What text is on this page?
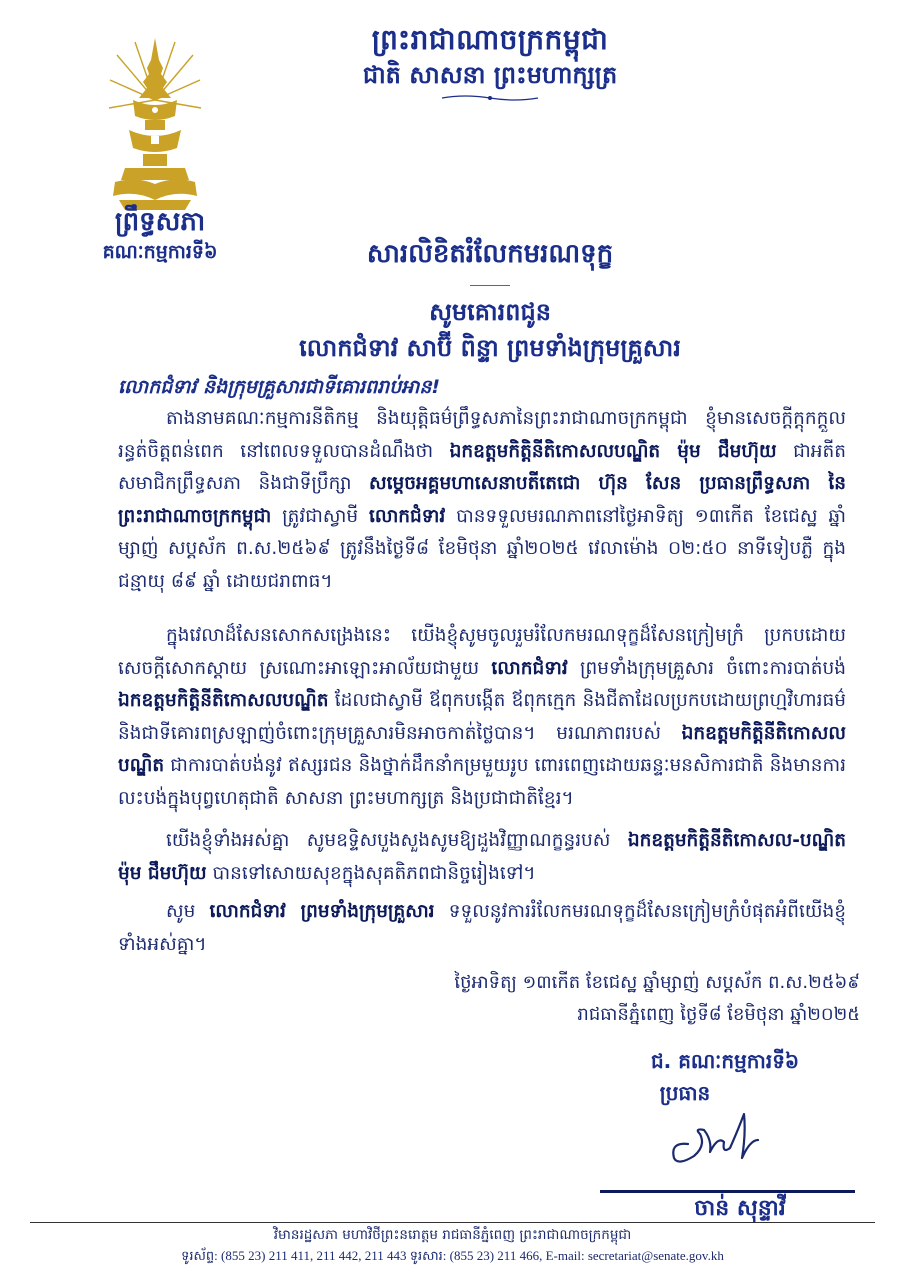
ព្រះរាជាណាចក្រកម្ពុជា
ជាតិ សាសនា ព្រះមហាក្សត្រ
ព្រឹទ្ធសភា
គណៈកម្មការទី៦	សារលិខិតរំលែកមរណទុក្ខ
សូមគោរពជូន
លោកជំទាវ សាប៊ី ពិន្ទា ព្រមទាំងក្រុមគ្រួសារ
លោកជំទាវ និងក្រុមគ្រួសារជាទីគោរពរាប់អាន!
តាងនាមគណៈកម្មការនីតិកម្ម និងយុត្តិធម៌ព្រឹទ្ធសភានៃព្រះរាជាណាចក្រកម្ពុជា ខ្ញុំមានសេចក្តីក្តុកក្តួល រន្ធត់ចិត្តពន់ពេក នៅពេលទទួលបានដំណឹងថា ឯកឧត្តមកិត្តិនីតិកោសលបណ្ឌិត ម៉ុម ជឹមហ៊ុយ ជាអតីតសមាជិកព្រឹទ្ធសភា និងជាទីប្រឹក្សា សម្តេចអគ្គមហាសេនាបតីតេជោ ហ៊ុន សែន ប្រធានព្រឹទ្ធសភា នៃព្រះរាជាណាចក្រកម្ពុជា ត្រូវជាស្វាមី លោកជំទាវ បានទទួលមរណភាពនៅថ្ងៃអាទិត្យ ១៣កើត ខែជេស្ឋ ឆ្នាំម្សាញ់ សប្តស័ក ព.ស.២៥៦៩ ត្រូវនឹងថ្ងៃទី៨ ខែមិថុនា ឆ្នាំ២០២៥ វេលាម៉ោង ០២:៥០ នាទីទៀបភ្លឺ ក្នុងជន្មាយុ ៨៩ ឆ្នាំ ដោយជរាពាធ។
ក្នុងវេលាដ៏សែនសោកសង្រេងនេះ យើងខ្ញុំសូមចូលរួមរំលែកមរណទុក្ខដ៏សែនក្រៀមក្រំ ប្រកបដោយសេចក្តីសោកស្តាយ ស្រណោះអាឡោះអាល័យជាមួយ លោកជំទាវ ព្រមទាំងក្រុមគ្រួសារ ចំពោះការបាត់បង់ ឯកឧត្តមកិត្តិនីតិកោសលបណ្ឌិត ដែលជាស្វាមី ឪពុកបង្កើត ឪពុកក្មេក និងជីតាដែលប្រកបដោយព្រហ្មវិហារធម៌ និងជាទីគោរពស្រឡាញ់ចំពោះក្រុមគ្រួសារមិនអាចកាត់ថ្លៃបាន។ មរណភាពរបស់ ឯកឧត្តមកិត្តិនីតិកោសលបណ្ឌិត ជាការបាត់បង់នូវ ឥស្សរជន និងថ្នាក់ដឹកនាំកម្រមួយរូប ពោរពេញដោយឆន្ទៈមនសិការជាតិ និងមានការលះបង់ក្នុងបុព្វហេតុជាតិ សាសនា ព្រះមហាក្សត្រ និងប្រជាជាតិខ្មែរ។
យើងខ្ញុំទាំងអស់គ្នា សូមឧទ្ទិសបួងសួងសូមឱ្យដួងវិញ្ញាណក្ខន្ធរបស់ ឯកឧត្តមកិត្តិនីតិកោសល-បណ្ឌិត ម៉ុម ជឹមហ៊ុយ បានទៅសោយសុខក្នុងសុគតិភពជានិច្ចរៀងទៅ។
សូម លោកជំទាវ ព្រមទាំងក្រុមគ្រួសារ ទទួលនូវការរំលែកមរណទុក្ខដ៏សែនក្រៀមក្រំបំផុតអំពីយើងខ្ញុំទាំងអស់គ្នា។
ថ្ងៃអាទិត្យ ១៣កើត ខែជេស្ឋ ឆ្នាំម្សាញ់ សប្តស័ក ព.ស.២៥៦៩
រាជធានីភ្នំពេញ ថ្ងៃទី៨ ខែមិថុនា ឆ្នាំ២០២៥
ជ. គណៈកម្មការទី៦
ប្រធាន
ចាន់ សុន្ទាវី
វិមានរដ្ឋសភា មហាវិថីព្រះនរោត្តម រាជធានីភ្នំពេញ ព្រះរាជាណាចក្រកម្ពុជា
ទូរស័ព្ទ: (855 23) 211 411, 211 442, 211 443 ទូរសារ: (855 23) 211 466, E-mail: secretariat@senate.gov.kh
